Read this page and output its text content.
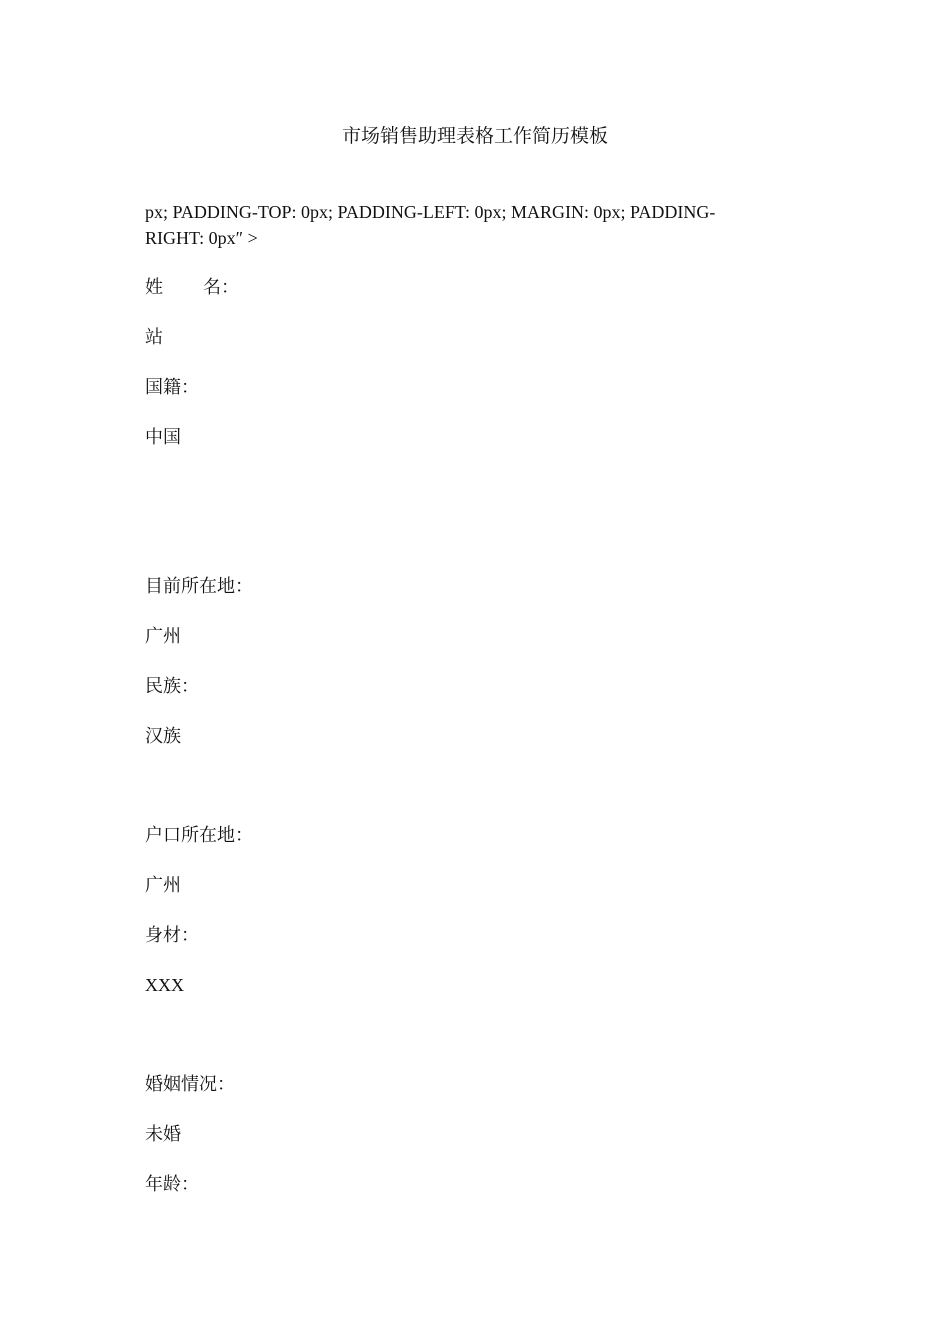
市场销售助理表格工作简历模板
px; PADDING-TOP: 0px; PADDING-LEFT: 0px; MARGIN: 0px; PADDING-
RIGHT: 0px″ >
姓 名：
站
国籍：
中国
目前所在地：
广州
民族：
汉族
户口所在地：
广州
身材：
XXX
婚姻情况：
未婚
年龄：
